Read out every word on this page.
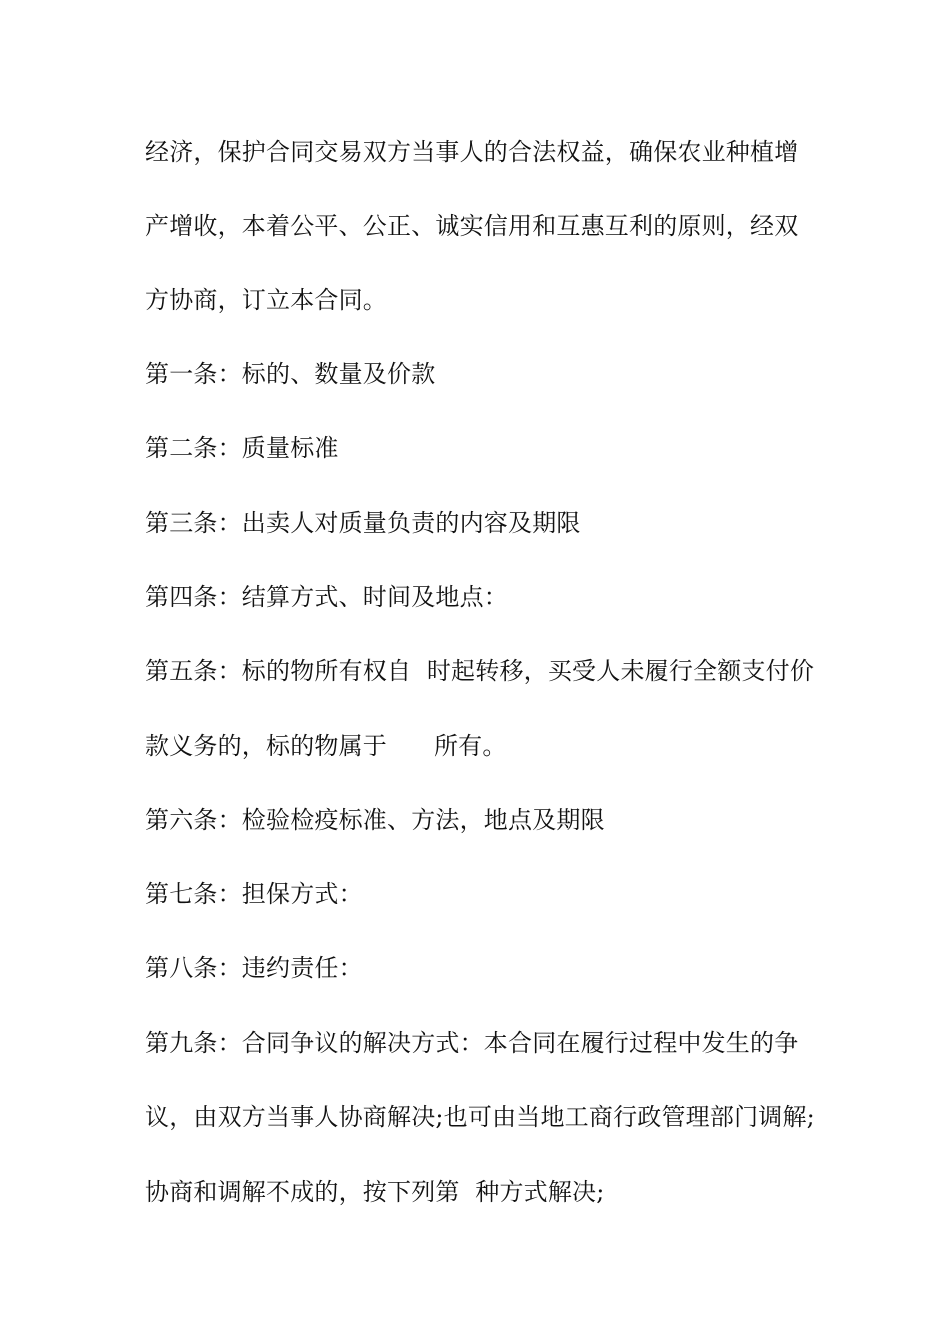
经济，保护合同交易双方当事人的合法权益，确保农业种植增
产增收，本着公平、公正、诚实信用和互惠互利的原则，经双
方协商，订立本合同。
第一条：标的、数量及价款
第二条：质量标准
第三条：出卖人对质量负责的内容及期限
第四条：结算方式、时间及地点：
第五条：标的物所有权自  时起转移，买受人未履行全额支付价
款义务的，标的物属于      所有。
第六条：检验检疫标准、方法，地点及期限
第七条：担保方式：
第八条：违约责任：
第九条：合同争议的解决方式：本合同在履行过程中发生的争
议，由双方当事人协商解决;也可由当地工商行政管理部门调解;
协商和调解不成的，按下列第  种方式解决;
